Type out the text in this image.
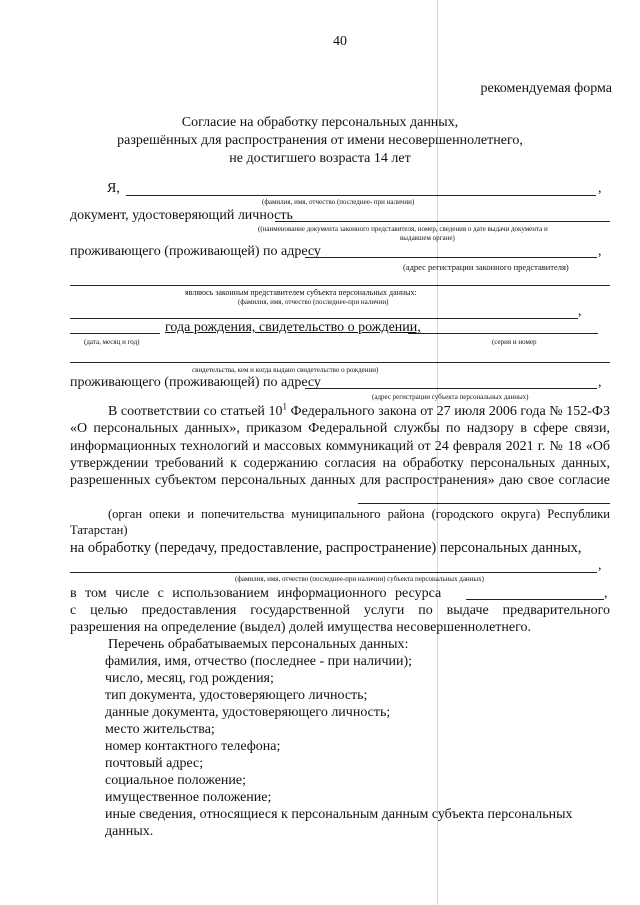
40
рекомендуемая форма
Согласие на обработку персональных данных,
разрешённых для распространения от имени несовершеннолетнего,
не достигшего возраста 14 лет
Я,	,
(фамилия, имя, отчество (последнее- при наличии)
документ, удостоверяющий личность
((наименование документа законного представителя, номер, сведения о дате выдачи документа и
выдавшем органе)
проживающего (проживающей) по адресу	,
(адрес регистрации законного представителя)
являюсь законным представителем субъекта персональных данных:
(фамилия, имя, отчество (последнее-при наличии)
,
года рождения, свидетельство о рождении,
(дата, месяц и год)	(серия и номер
свидетельства, кем и когда выдано свидетельство о рождении)
проживающего (проживающей) по адресу	,
(адрес регистрации субъекта персональных данных)
В соответствии со статьей $10^1$ Федерального закона от 27 июля 2006 года № 152-ФЗ «О персональных данных», приказом Федеральной службы по надзору в сфере связи, информационных технологий и массовых коммуникаций от 24 февраля 2021 г. № 18 «Об утверждении требований к содержанию согласия на обработку персональных данных, разрешенных субъектом персональных данных для распространения» даю свое согласие
(орган опеки и попечительства муниципального района (городского округа) Республики Татарстан)
на обработку (передачу, предоставление, распространение) персональных данных,
,
(фамилия, имя, отчество (последнее-при наличии) субъекта персональных данных)
в том числе с использованием информационного ресурса	,
с целью предоставления государственной услуги по выдаче предварительного разрешения на определение (выдел) долей имущества несовершеннолетнего.
Перечень обрабатываемых персональных данных:
фамилия, имя, отчество (последнее - при наличии);
число, месяц, год рождения;
тип документа, удостоверяющего личность;
данные документа, удостоверяющего личность;
место жительства;
номер контактного телефона;
почтовый адрес;
социальное положение;
имущественное положение;
иные сведения, относящиеся к персональным данным субъекта персональных
данных.
